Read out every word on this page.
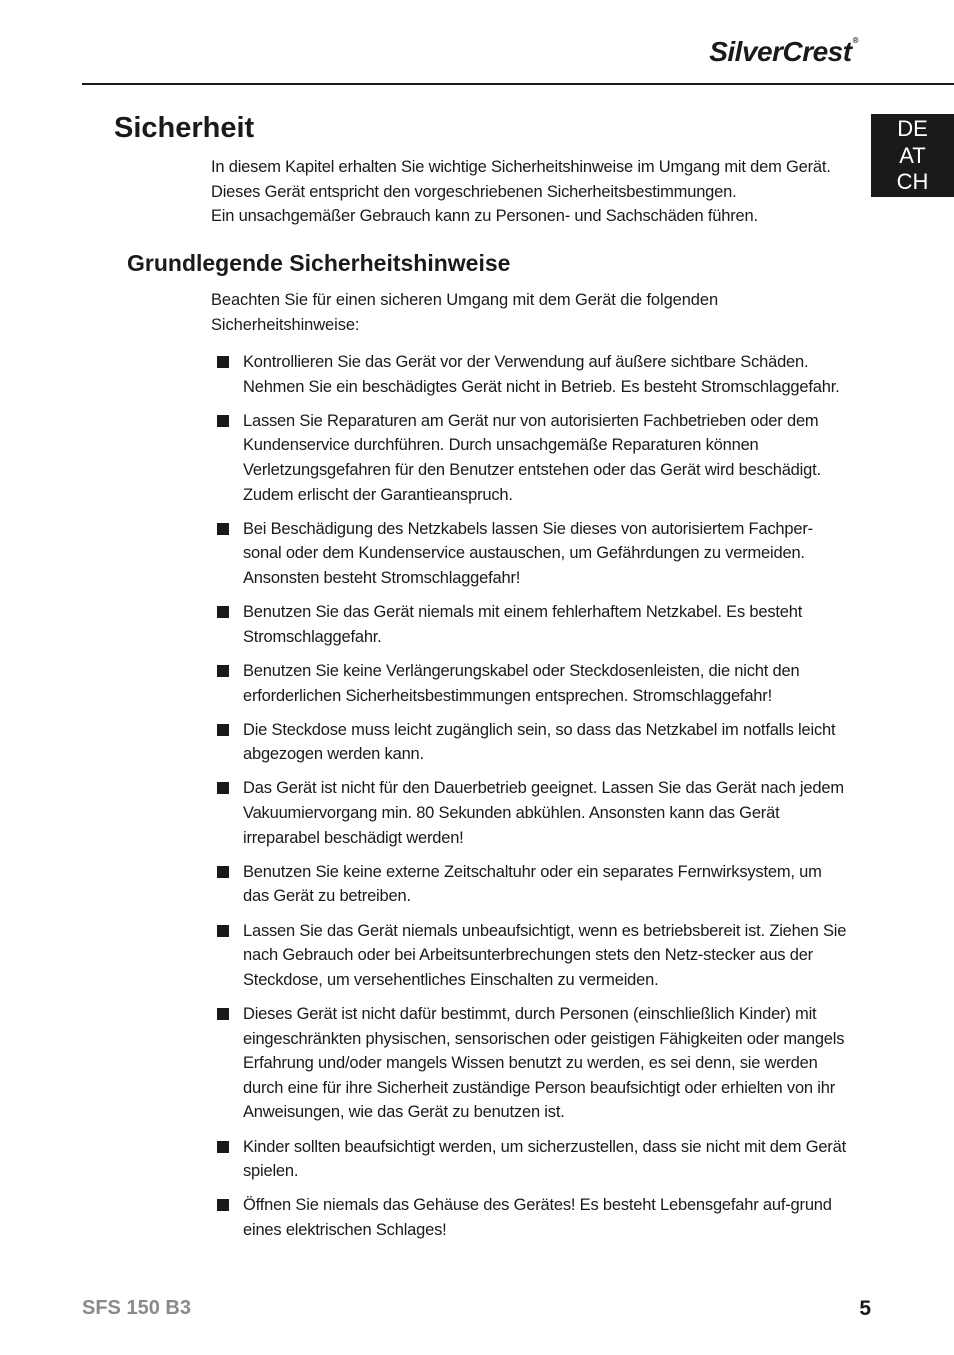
SilverCrest®
DE
AT
CH
Sicherheit

In diesem Kapitel erhalten Sie wichtige Sicherheitshinweise im Umgang mit dem Gerät.

Dieses Gerät entspricht den vorgeschriebenen Sicherheitsbestimmungen.

Ein unsachgemäßer Gebrauch kann zu Personen- und Sachschäden führen.

Grundlegende Sicherheitshinweise

Beachten Sie für einen sicheren Umgang mit dem Gerät die folgenden Sicherheitshinweise:

Kontrollieren Sie das Gerät vor der Verwendung auf äußere sichtbare Schäden. Nehmen Sie ein beschädigtes Gerät nicht in Betrieb. Es besteht Stromschlaggefahr.
Lassen Sie Reparaturen am Gerät nur von autorisierten Fachbetrieben oder dem Kundenservice durchführen. Durch unsachgemäße Reparaturen können Verletzungsgefahren für den Benutzer entstehen oder das Gerät wird beschädigt. Zudem erlischt der Garantieanspruch.
Bei Beschädigung des Netzkabels lassen Sie dieses von autorisiertem Fachper-sonal oder dem Kundenservice austauschen, um Gefährdungen zu vermeiden. Ansonsten besteht Stromschlaggefahr!
Benutzen Sie das Gerät niemals mit einem fehlerhaftem Netzkabel. Es besteht Stromschlaggefahr.
Benutzen Sie keine Verlängerungskabel oder Steckdosenleisten, die nicht den erforderlichen Sicherheitsbestimmungen entsprechen. Stromschlaggefahr!
Die Steckdose muss leicht zugänglich sein, so dass das Netzkabel im notfalls leicht abgezogen werden kann.
Das Gerät ist nicht für den Dauerbetrieb geeignet. Lassen Sie das Gerät nach jedem Vakuumiervorgang min. 80 Sekunden abkühlen. Ansonsten kann das Gerät irreparabel beschädigt werden!
Benutzen Sie keine externe Zeitschaltuhr oder ein separates Fernwirksystem, um das Gerät zu betreiben.
Lassen Sie das Gerät niemals unbeaufsichtigt, wenn es betriebsbereit ist. Ziehen Sie nach Gebrauch oder bei Arbeitsunterbrechungen stets den Netz-stecker aus der Steckdose, um versehentliches Einschalten zu vermeiden.
Dieses Gerät ist nicht dafür bestimmt, durch Personen (einschließlich Kinder) mit eingeschränkten physischen, sensorischen oder geistigen Fähigkeiten oder mangels Erfahrung und/oder mangels Wissen benutzt zu werden, es sei denn, sie werden durch eine für ihre Sicherheit zuständige Person beaufsichtigt oder erhielten von ihr Anweisungen, wie das Gerät zu benutzen ist.
Kinder sollten beaufsichtigt werden, um sicherzustellen, dass sie nicht mit dem Gerät spielen.
Öffnen Sie niemals das Gehäuse des Gerätes! Es besteht Lebensgefahr auf-grund eines elektrischen Schlages!
SFS 150 B3	5
